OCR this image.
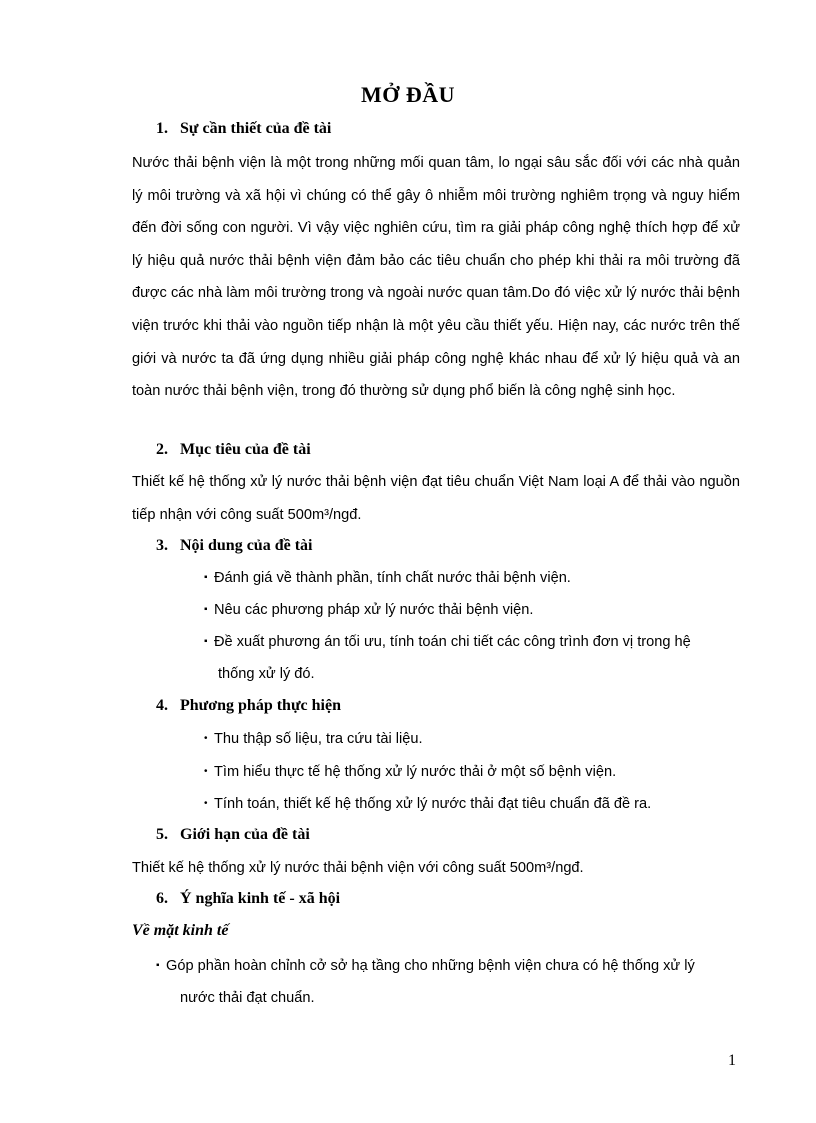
MỞ ĐẦU
1. Sự cần thiết của đề tài
Nước thải bệnh viện là một trong những mối quan tâm, lo ngại sâu sắc đối với các nhà quản lý môi trường và xã hội vì chúng có thể gây ô nhiễm môi trường nghiêm trọng và nguy hiểm đến đời sống con người. Vì vậy việc nghiên cứu, tìm ra giải pháp công nghệ thích hợp để xử lý hiệu quả nước thải bệnh viện đảm bảo các tiêu chuẩn cho phép khi thải ra môi trường đã được các nhà làm môi trường trong và ngoài nước quan tâm.Do đó việc xử lý nước thải bệnh viện trước khi thải vào nguồn tiếp nhận là một yêu cầu thiết yếu. Hiện nay, các nước trên thế giới và nước ta đã ứng dụng nhiều giải pháp công nghệ khác nhau để xử lý hiệu quả và an toàn nước thải bệnh viện, trong đó thường sử dụng phổ biến là công nghệ sinh học.
2. Mục tiêu của đề tài
Thiết kế hệ thống xử lý nước thải bệnh viện đạt tiêu chuẩn Việt Nam loại A để thải vào nguồn tiếp nhận với công suất 500m³/ngđ.
3. Nội dung của đề tài
▪ Đánh giá về thành phần, tính chất nước thải bệnh viện.
▪ Nêu các phương pháp xử lý nước thải bệnh viện.
▪ Đề xuất phương án tối ưu, tính toán chi tiết các công trình đơn vị trong hệ
thống xử lý đó.
4. Phương pháp thực hiện
• Thu thập số liệu, tra cứu tài liệu.
• Tìm hiểu thực tế hệ thống xử lý nước thải ở một số bệnh viện.
• Tính toán, thiết kế hệ thống xử lý nước thải đạt tiêu chuẩn đã đề ra.
5. Giới hạn của đề tài
Thiết kế hệ thống xử lý nước thải bệnh viện với công suất 500m³/ngđ.
6. Ý nghĩa kinh tế - xã hội
Về mặt kinh tế
▪ Góp phần hoàn chỉnh cở sở hạ tầng cho những bệnh viện chưa có hệ thống xử lý
nước thải đạt chuẩn.
1
